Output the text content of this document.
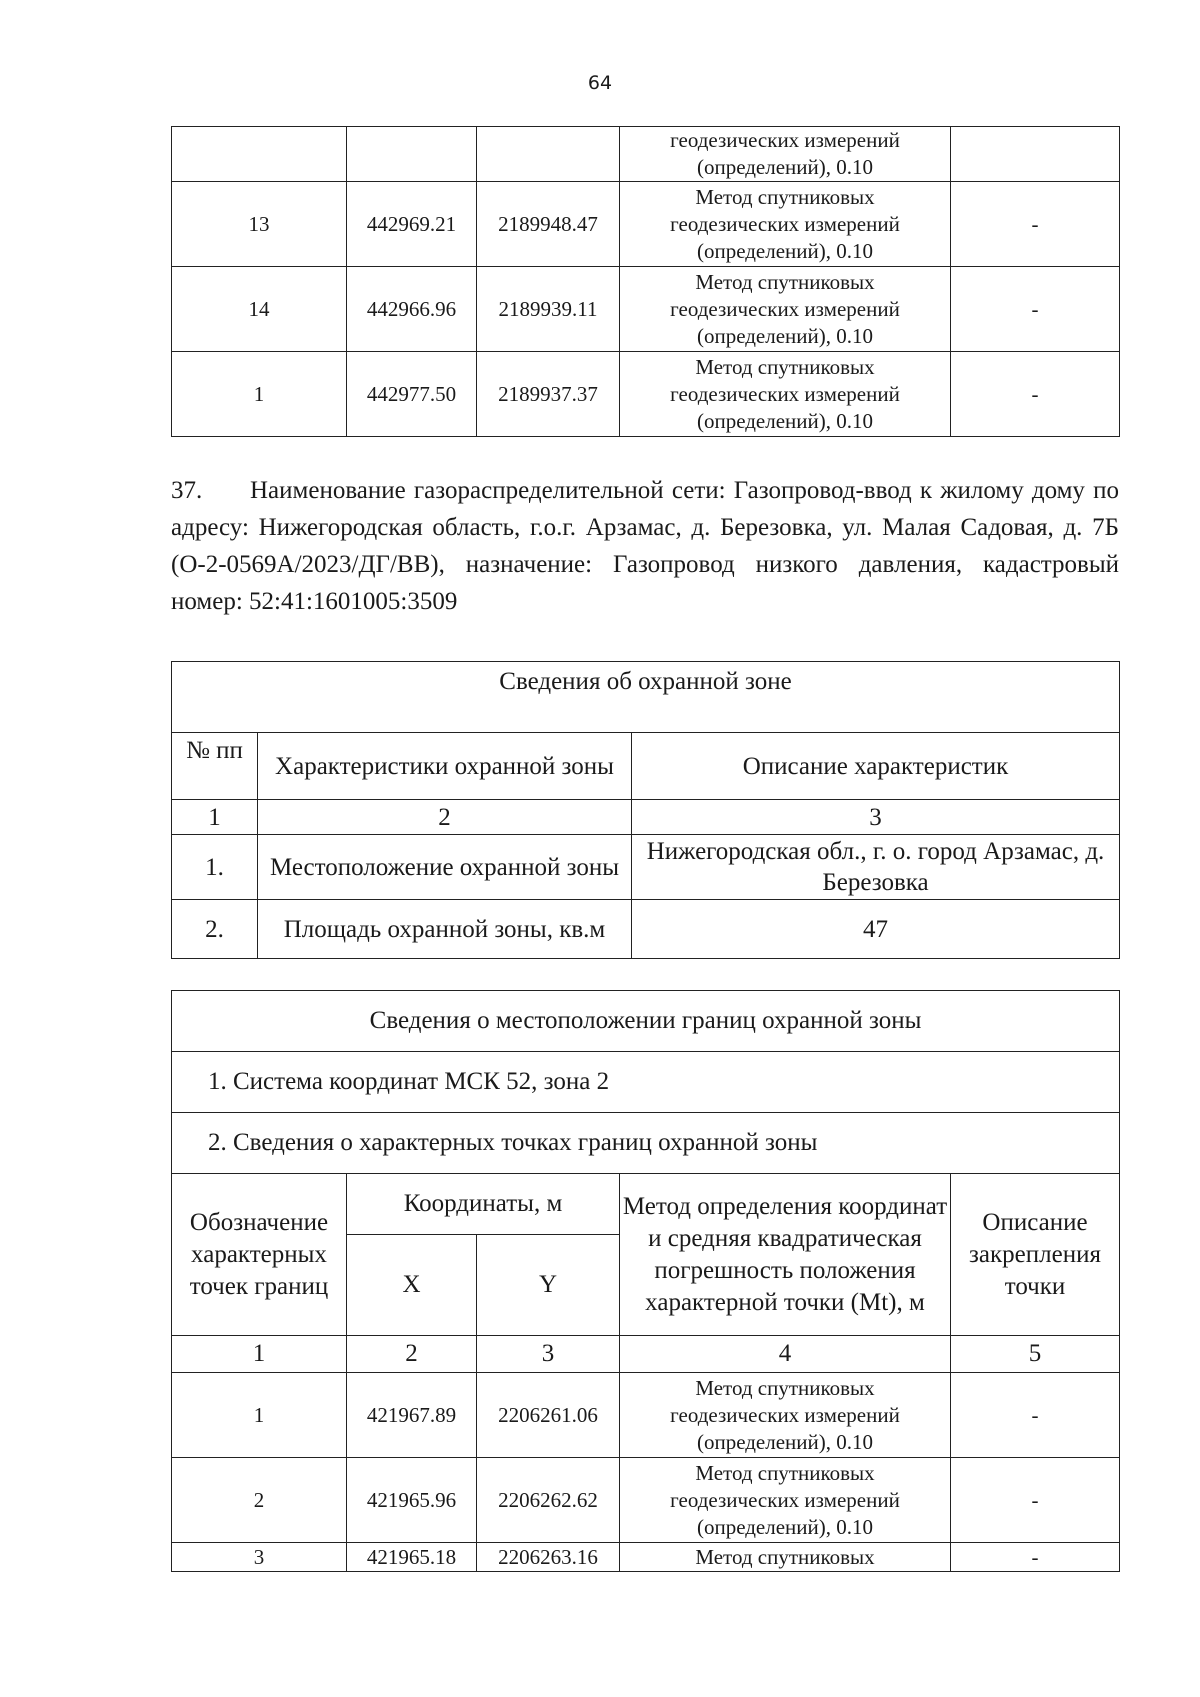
64

			геодезических измерений
(определений), 0.10	

13	442969.21	2189948.47	Метод спутниковых
геодезических измерений
(определений), 0.10	-
14	442966.96	2189939.11	Метод спутниковых
геодезических измерений
(определений), 0.10	-
1	442977.50	2189937.37	Метод спутниковых
геодезических измерений
(определений), 0.10	-

37. Наименование газораспределительной сети: Газопровод-ввод к жилому дому по адресу: Нижегородская область, г.о.г. Арзамас, д. Березовка, ул. Малая Садовая, д. 7Б (О-2-0569А/2023/ДГ/ВВ), назначение: Газопровод низкого давления, кадастровый номер: 52:41:1601005:3509

Сведения об охранной зоне		
№ пп	Характеристики охранной зоны	Описание характеристик
1	2	3
1.	Местоположение охранной зоны	Нижегородская обл., г. о. город Арзамас, д. Березовка
2.	Площадь охранной зоны, кв.м	47
Сведения о местоположении границ охранной зоны				
1. Система координат МСК 52, зона 2				
2. Сведения о характерных точках границ охранной зоны				
Обозначение характерных точек границ	Координаты, м		Метод определения координат и средняя квадратическая погрешность положения характерной точки (Mt), м	Описание закрепления точки
	X	Y		
1	2	3	4	5
1	421967.89	2206261.06	Метод спутниковых
геодезических измерений
(определений), 0.10	-
2	421965.96	2206262.62	Метод спутниковых
геодезических измерений
(определений), 0.10	-
3	421965.18	2206263.16	Метод спутниковых	-
